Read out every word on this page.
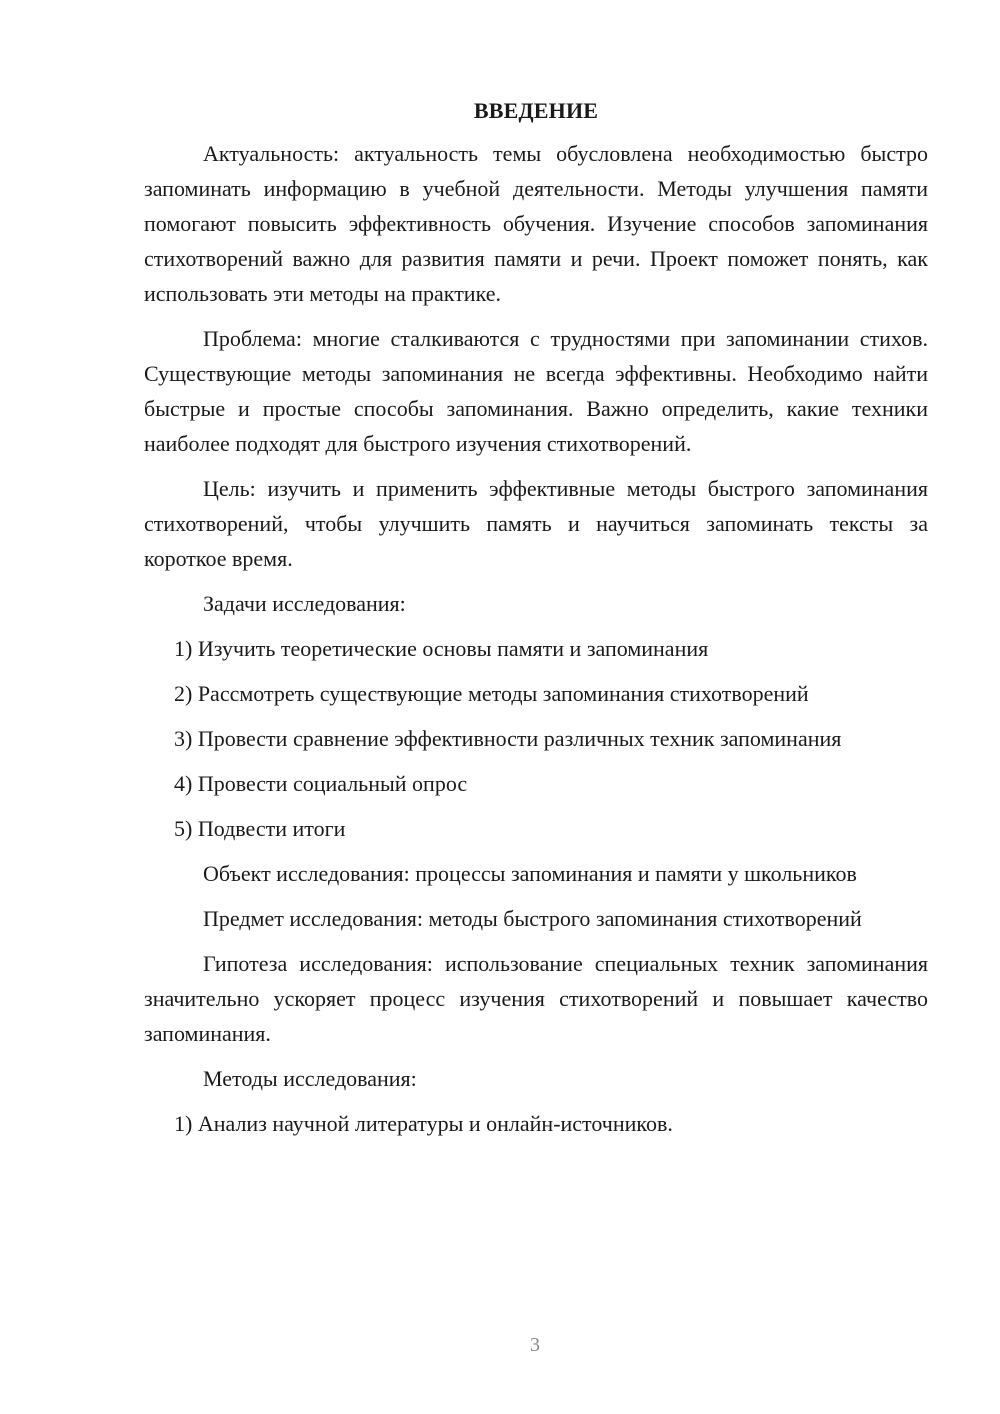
ВВЕДЕНИЕ

Актуальность: актуальность темы обусловлена необходимостью быстро запоминать информацию в учебной деятельности. Методы улучшения памяти помогают повысить эффективность обучения. Изучение способов запоминания стихотворений важно для развития памяти и речи. Проект поможет понять, как использовать эти методы на практике.

Проблема: многие сталкиваются с трудностями при запоминании стихов. Существующие методы запоминания не всегда эффективны. Необходимо найти быстрые и простые способы запоминания. Важно определить, какие техники наиболее подходят для быстрого изучения стихотворений.

Цель: изучить и применить эффективные методы быстрого запоминания стихотворений, чтобы улучшить память и научиться запоминать тексты за короткое время.

Задачи исследования:

1) Изучить теоретические основы памяти и запоминания
2) Рассмотреть существующие методы запоминания стихотворений
3) Провести сравнение эффективности различных техник запоминания
4) Провести социальный опрос
5) Подвести итоги

Объект исследования: процессы запоминания и памяти у школьников

Предмет исследования: методы быстрого запоминания стихотворений

Гипотеза исследования: использование специальных техник запоминания значительно ускоряет процесс изучения стихотворений и повышает качество запоминания.

Методы исследования:

1) Анализ научной литературы и онлайн-источников.
3
